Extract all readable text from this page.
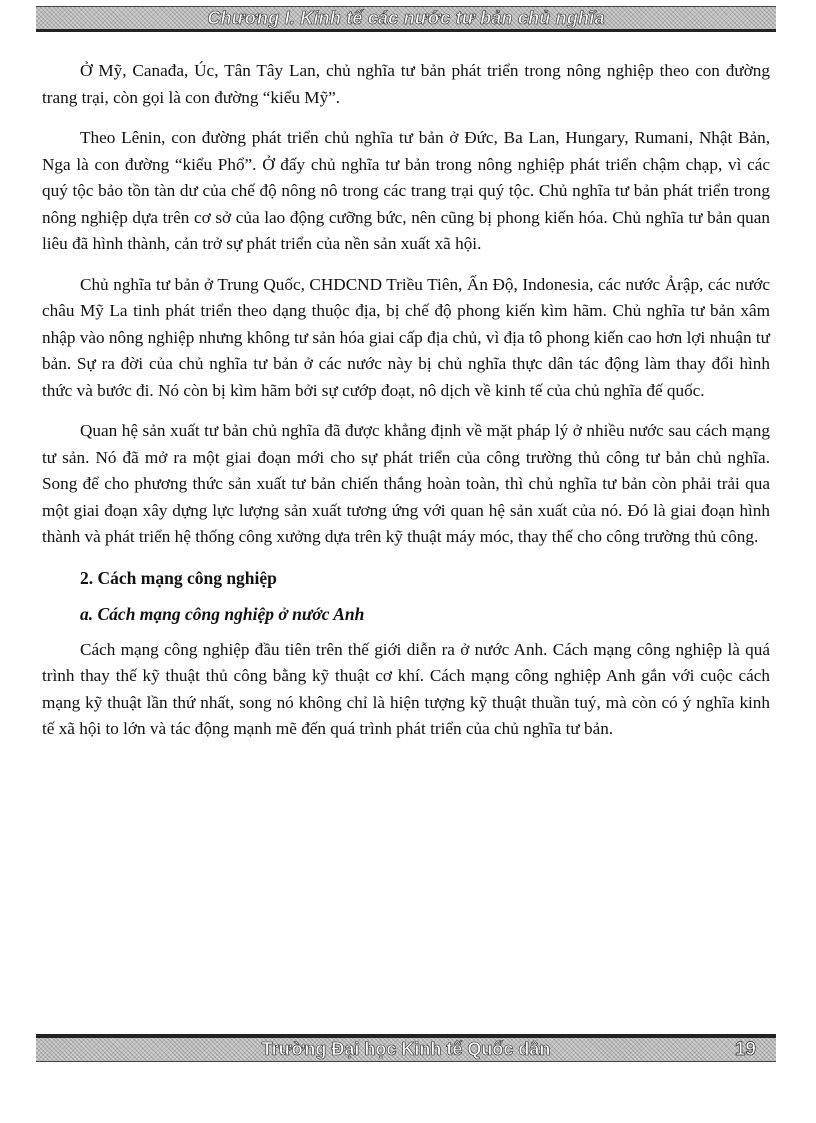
Chương I. Kinh tế các nước tư bản chủ nghĩa

Ở Mỹ, Canađa, Úc, Tân Tây Lan, chủ nghĩa tư bản phát triển trong nông nghiệp theo con đường trang trại, còn gọi là con đường “kiểu Mỹ”.

Theo Lênin, con đường phát triển chủ nghĩa tư bản ở Đức, Ba Lan, Hungary, Rumani, Nhật Bản, Nga là con đường “kiểu Phổ”. Ở đấy chủ nghĩa tư bản trong nông nghiệp phát triển chậm chạp, vì các quý tộc bảo tồn tàn dư của chế độ nông nô trong các trang trại quý tộc. Chủ nghĩa tư bản phát triển trong nông nghiệp dựa trên cơ sở của lao động cưỡng bức, nên cũng bị phong kiến hóa. Chủ nghĩa tư bản quan liêu đã hình thành, cản trở sự phát triển của nền sản xuất xã hội.

Chủ nghĩa tư bản ở Trung Quốc, CHDCND Triều Tiên, Ấn Độ, Indonesia, các nước Ảrập, các nước châu Mỹ La tinh phát triển theo dạng thuộc địa, bị chế độ phong kiến kìm hãm. Chủ nghĩa tư bản xâm nhập vào nông nghiệp nhưng không tư sản hóa giai cấp địa chủ, vì địa tô phong kiến cao hơn lợi nhuận tư bản. Sự ra đời của chủ nghĩa tư bản ở các nước này bị chủ nghĩa thực dân tác động làm thay đổi hình thức và bước đi. Nó còn bị kìm hãm bởi sự cướp đoạt, nô dịch về kinh tế của chủ nghĩa đế quốc.

Quan hệ sản xuất tư bản chủ nghĩa đã được khẳng định về mặt pháp lý ở nhiều nước sau cách mạng tư sản. Nó đã mở ra một giai đoạn mới cho sự phát triển của công trường thủ công tư bản chủ nghĩa. Song để cho phương thức sản xuất tư bản chiến thắng hoàn toàn, thì chủ nghĩa tư bản còn phải trải qua một giai đoạn xây dựng lực lượng sản xuất tương ứng với quan hệ sản xuất của nó. Đó là giai đoạn hình thành và phát triển hệ thống công xưởng dựa trên kỹ thuật máy móc, thay thế cho công trường thủ công.

2. Cách mạng công nghiệp
a. Cách mạng công nghiệp ở nước Anh

Cách mạng công nghiệp đầu tiên trên thế giới diễn ra ở nước Anh. Cách mạng công nghiệp là quá trình thay thế kỹ thuật thủ công bằng kỹ thuật cơ khí. Cách mạng công nghiệp Anh gắn với cuộc cách mạng kỹ thuật lần thứ nhất, song nó không chỉ là hiện tượng kỹ thuật thuần tuý, mà còn có ý nghĩa kinh tế xã hội to lớn và tác động mạnh mẽ đến quá trình phát triển của chủ nghĩa tư bản.

Trường Đại học Kinh tế Quốc dân	19
